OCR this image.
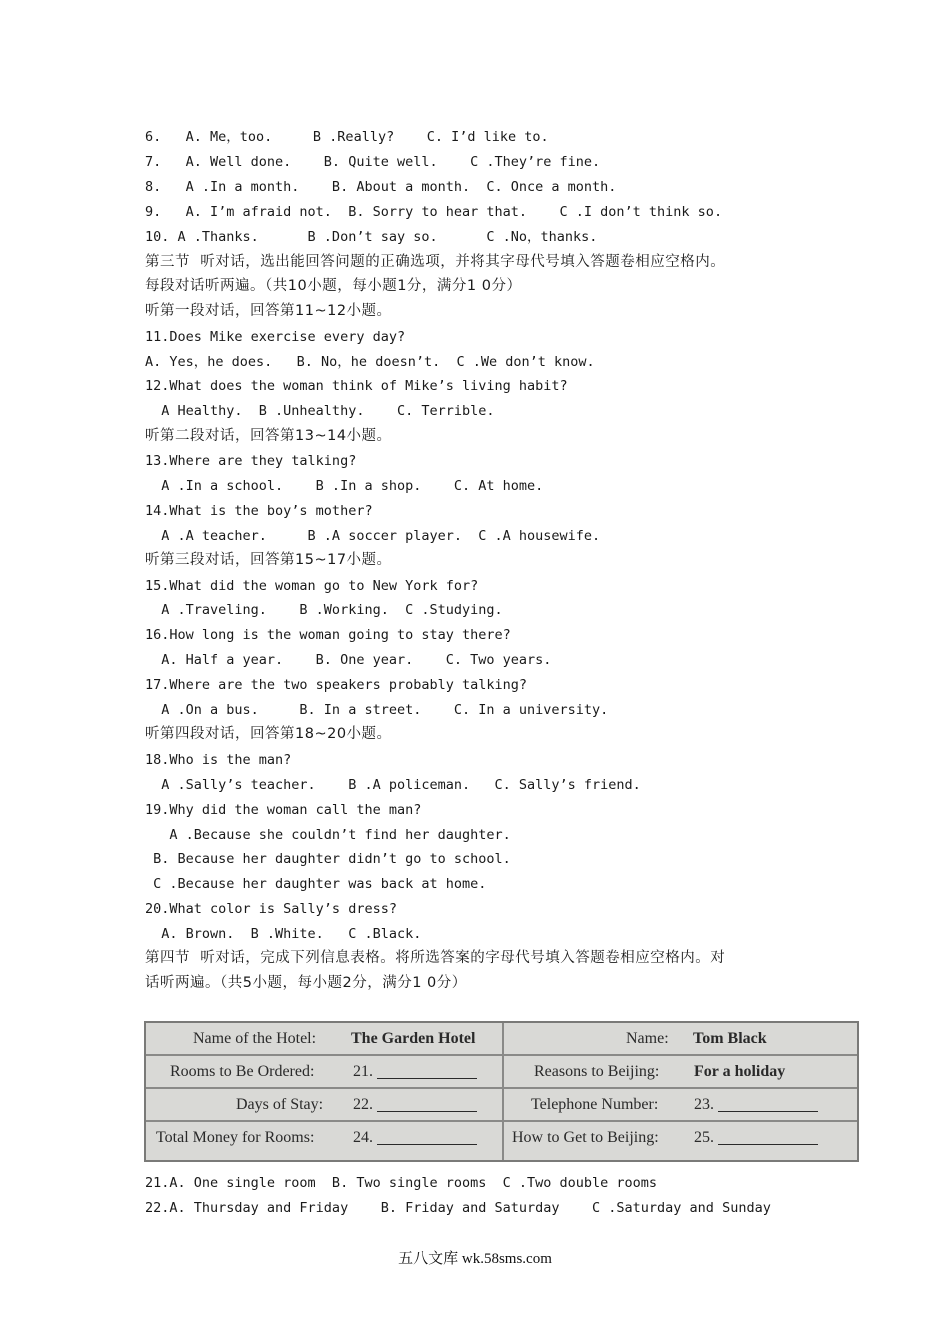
6.   A. Me，too.     B .Really?    C. I’d like to.
7.   A. Well done.    B. Quite well.    C .They’re fine.
8.   A .In a month.    B. About a month.  C. Once a month.
9.   A. I’m afraid not.  B. Sorry to hear that.    C .I don’t think so.
10. A .Thanks.      B .Don’t say so.      C .No，thanks.
第三节  听对话，选出能回答问题的正确选项，并将其字母代号填入答题卷相应空格内。
每段对话听两遍。（共10小题，每小题1分，满分1 0分）
听第一段对话，回答第11~12小题。
11.Does Mike exercise every day?
A. Yes，he does.   B. No，he doesn’t.  C .We don’t know.
12.What does the woman think of Mike’s living habit?
A Healthy.  B .Unhealthy.    C. Terrible.
听第二段对话，回答第13~14小题。
13.Where are they talking?
A .In a school.    B .In a shop.    C. At home.
14.What is the boy’s mother?
A .A teacher.     B .A soccer player.  C .A housewife.
听第三段对话，回答第15~17小题。
15.What did the woman go to New York for?
A .Traveling.    B .Working.  C .Studying.
16.How long is the woman going to stay there?
A. Half a year.    B. One year.    C. Two years.
17.Where are the two speakers probably talking?
A .On a bus.     B. In a street.    C. In a university.
听第四段对话，回答第18~20小题。
18.Who is the man?
A .Sally’s teacher.    B .A policeman.   C. Sally’s friend.
19.Why did the woman call the man?
A .Because she couldn’t find her daughter.
B. Because her daughter didn’t go to school.
C .Because her daughter was back at home.
20.What color is Sally’s dress?
A. Brown.  B .White.   C .Black.
第四节  听对话，完成下列信息表格。将所选答案的字母代号填入答题卷相应空格内。对
话听两遍。（共5小题，每小题2分，满分1 0分）
Name of the Hotel: The Garden Hotel	Name: Tom Black
Rooms to Be Ordered: 21.	Reasons to Beijing: For a holiday
Days of Stay: 22.	Telephone Number: 23.
Total Money for Rooms: 24.	How to Get to Beijing: 25.
21.A. One single room  B. Two single rooms  C .Two double rooms
22.A. Thursday and Friday    B. Friday and Saturday    C .Saturday and Sunday
五八文库 wk.58sms.com
